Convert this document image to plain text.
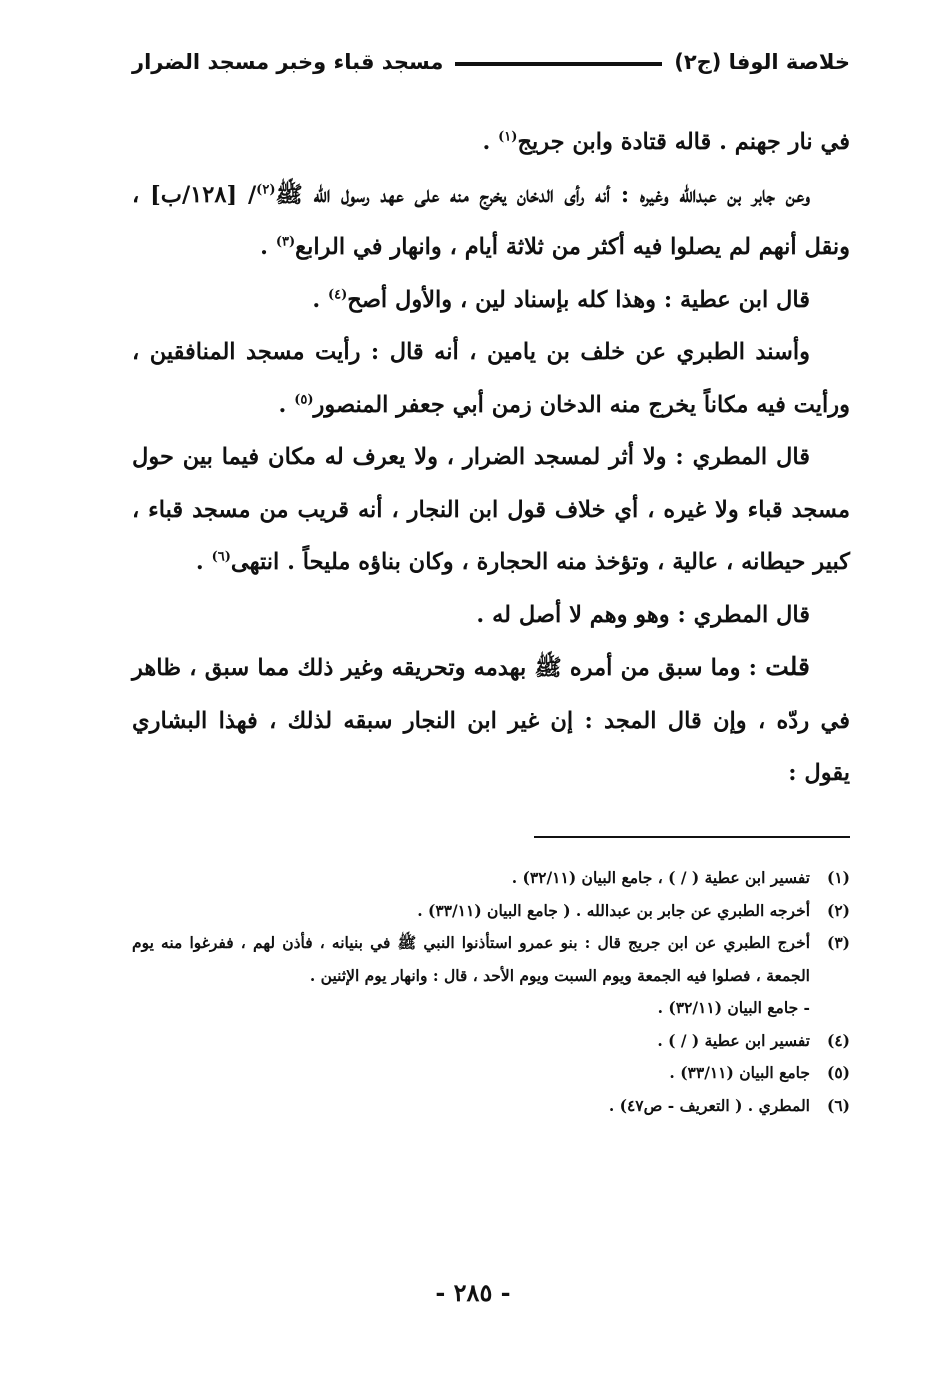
خلاصة الوفا (ج٢)
مسجد قباء وخبر مسجد الضرار

في نار جهنم . قاله قتادة وابن جريج$^{(١)}$ .

وعن جابر بن عبدالله وغيره : أنه رأى الدخان يخرج منه على عهد رسول الله ﷺ$^{(٢)}$/ [١٢٨/ب] ، ونقل أنهم لم يصلوا فيه أكثر من ثلاثة أيام ، وانهار في الرابع$^{(٣)}$ .

قال ابن عطية : وهذا كله بإسناد لين ، والأول أصح$^{(٤)}$ .

وأسند الطبري عن خلف بن يامين ، أنه قال : رأيت مسجد المنافقين ، ورأيت فيه مكاناً يخرج منه الدخان زمن أبي جعفر المنصور$^{(٥)}$ .

قال المطري : ولا أثر لمسجد الضرار ، ولا يعرف له مكان فيما بين حول مسجد قباء ولا غيره ، أي خلاف قول ابن النجار ، أنه قريب من مسجد قباء ، كبير حيطانه ، عالية ، وتؤخذ منه الحجارة ، وكان بناؤه مليحاً . انتهى$^{(٦)}$ .

قال المطري : وهو وهم لا أصل له .

قلت : وما سبق من أمره ﷺ بهدمه وتحريقه وغير ذلك مما سبق ، ظاهر في ردّه ، وإن قال المجد : إن غير ابن النجار سبقه لذلك ، فهذا البشاري يقول :

(١)
تفسير ابن عطية ( / ) ، جامع البيان (٣٢/١١) .
(٢)
أخرجه الطبري عن جابر بن عبدالله . ( جامع البيان (٣٣/١١) .
(٣)
أخرج الطبري عن ابن جريج قال : بنو عمرو استأذنوا النبي ﷺ في بنيانه ، فأذن لهم ، ففرغوا منه يوم الجمعة ، فصلوا فيه الجمعة ويوم السبت ويوم الأحد ، قال : وانهار يوم الإثنين .
- جامع البيان (٣٢/١١) .
(٤)
تفسير ابن عطية ( / ) .
(٥)
جامع البيان (٣٣/١١) .
(٦)
المطري . ( التعريف - ص٤٧) .
- ٢٨٥ -
